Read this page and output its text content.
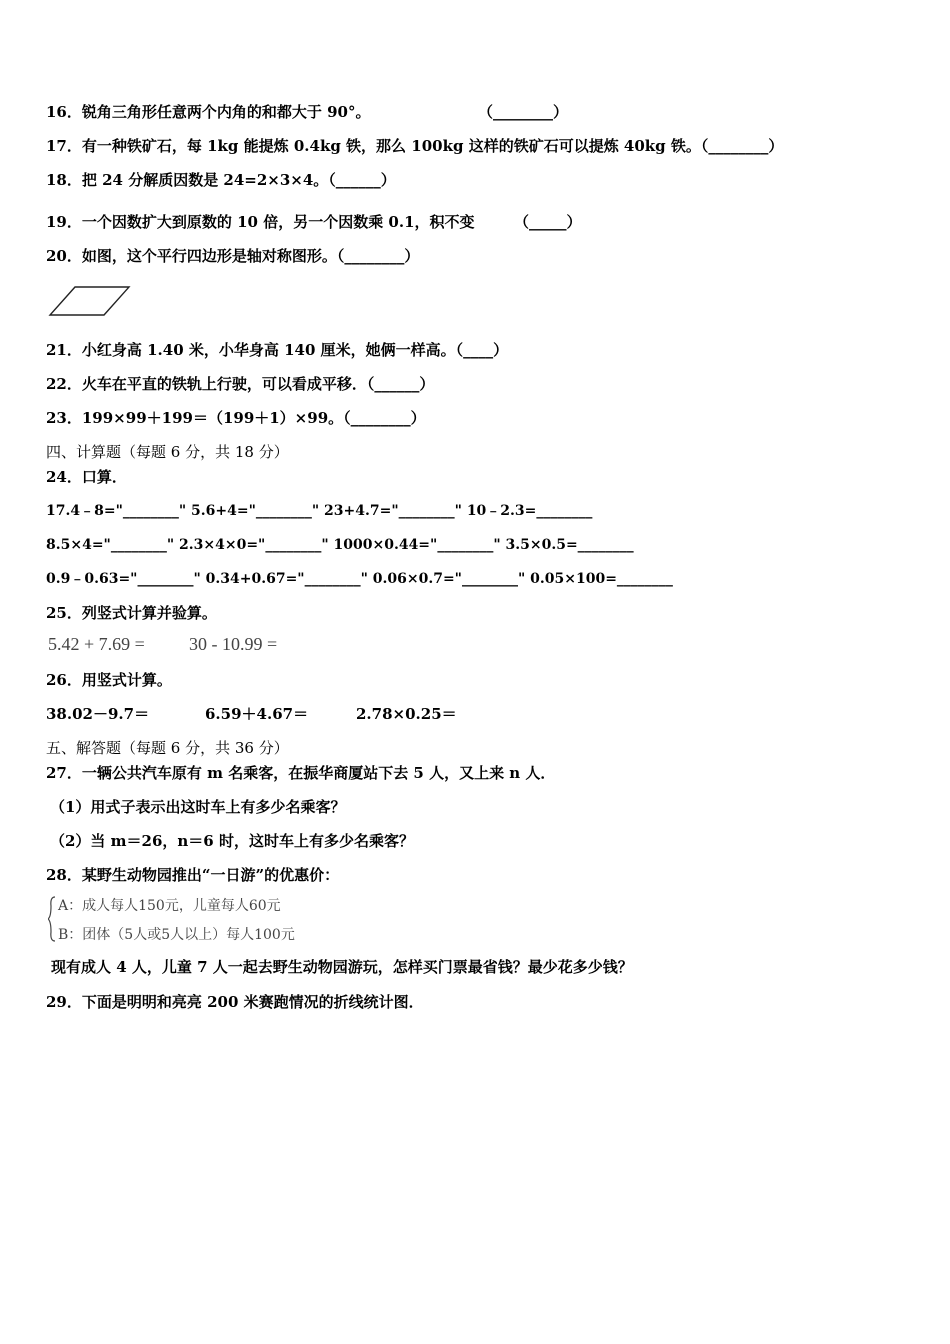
16．锐角三角形任意两个内角的和都大于 90°。	（________）
17．有一种铁矿石，每 1kg 能提炼 0.4kg 铁，那么 100kg 这样的铁矿石可以提炼 40kg 铁。（________）
18．把 24 分解质因数是 24=2×3×4。（______）
19．一个因数扩大到原数的 10 倍，另一个因数乘 0.1，积不变	（_____）
20．如图，这个平行四边形是轴对称图形。（________）
21．小红身高 1.40 米，小华身高 140 厘米，她俩一样高。（____）
22．火车在平直的铁轨上行驶，可以看成平移．（______）
23．199×99＋199＝（199＋1）×99。（________）
四、计算题（每题 6 分，共 18 分）
24．口算．
17.4﹣8="________" 5.6+4="________" 23+4.7="________" 10﹣2.3=________
8.5×4="________" 2.3×4×0="________" 1000×0.44="________" 3.5×0.5=________
0.9﹣0.63="________" 0.34+0.67="________" 0.06×0.7="________" 0.05×100=________
25．列竖式计算并验算。
5.42 + 7.69 = 30 - 10.99 =
26．用竖式计算。
38.02－9.7＝	6.59＋4.67＝	2.78×0.25＝
五、解答题（每题 6 分，共 36 分）
27．一辆公共汽车原有 m 名乘客，在振华商厦站下去 5 人，又上来 n 人．
（1）用式子表示出这时车上有多少名乘客？
（2）当 m＝26，n＝6 时，这时车上有多少名乘客？
28．某野生动物园推出“一日游”的优惠价：
A：成人每人150元，儿童每人60元
B：团体（5人或5人以上）每人100元
现有成人 4 人，儿童 7 人一起去野生动物园游玩，怎样买门票最省钱？最少花多少钱？
29．下面是明明和亮亮 200 米赛跑情况的折线统计图．
